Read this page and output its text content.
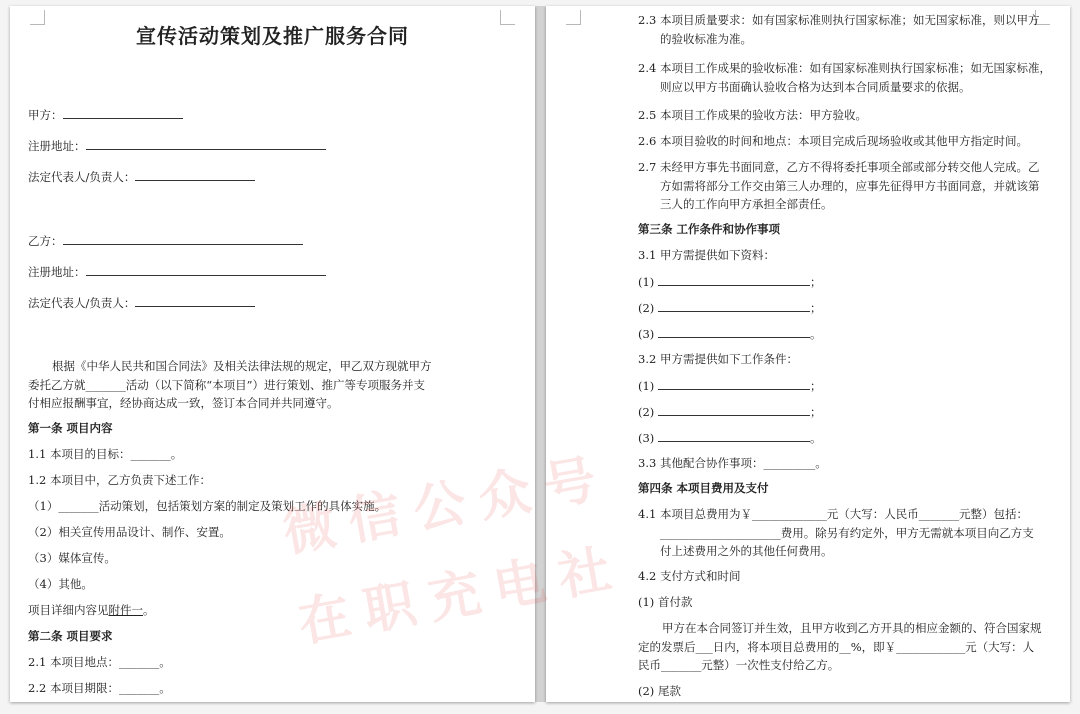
宣传活动策划及推广服务合同
甲方：
注册地址：
法定代表人/负责人：
乙方：
注册地址：
法定代表人/负责人：
根据《中华人民共和国合同法》及相关法律法规的规定，甲乙双方现就甲方
委托乙方就_______活动（以下简称“本项目”）进行策划、推广等专项服务并支
付相应报酬事宜，经协商达成一致，签订本合同并共同遵守。
第一条 项目内容
1.1 本项目的目标：_______。
1.2 本项目中，乙方负责下述工作：
（1）_______活动策划，包括策划方案的制定及策划工作的具体实施。
（2）相关宣传用品设计、制作、安置。
（3）媒体宣传。
（4）其他。
项目详细内容见附件一。
第二条 项目要求
2.1 本项目地点：_______。
2.2 本项目期限：_______。
2.3 本项目质量要求：如有国家标准则执行国家标准；如无国家标准，则以甲方
的验收标准为准。
2.4 本项目工作成果的验收标准：如有国家标准则执行国家标准；如无国家标准，
则应以甲方书面确认验收合格为达到本合同质量要求的依据。
2.5 本项目工作成果的验收方法：甲方验收。
2.6 本项目验收的时间和地点：本项目完成后现场验收或其他甲方指定时间。
2.7 未经甲方事先书面同意，乙方不得将委托事项全部或部分转交他人完成。乙
方如需将部分工作交由第三人办理的，应事先征得甲方书面同意，并就该第
三人的工作向甲方承担全部责任。
第三条 工作条件和协作事项
3.1 甲方需提供如下资料：
(1)	；
(2)	；
(3)	。
3.2 甲方需提供如下工作条件：
(1)	；
(2)	；
(3)	。
3.3 其他配合协作事项：_________。
第四条 本项目费用及支付
4.1 本项目总费用为￥_____________元（大写：人民币_______元整）包括：
_____________________费用。除另有约定外，甲方无需就本项目向乙方支
付上述费用之外的其他任何费用。
4.2 支付方式和时间
(1) 首付款
甲方在本合同签订并生效，且甲方收到乙方开具的相应金额的、符合国家规
定的发票后___日内，将本项目总费用的__%，即￥____________元（大写：人
民币_______元整）一次性支付给乙方。
(2) 尾款
